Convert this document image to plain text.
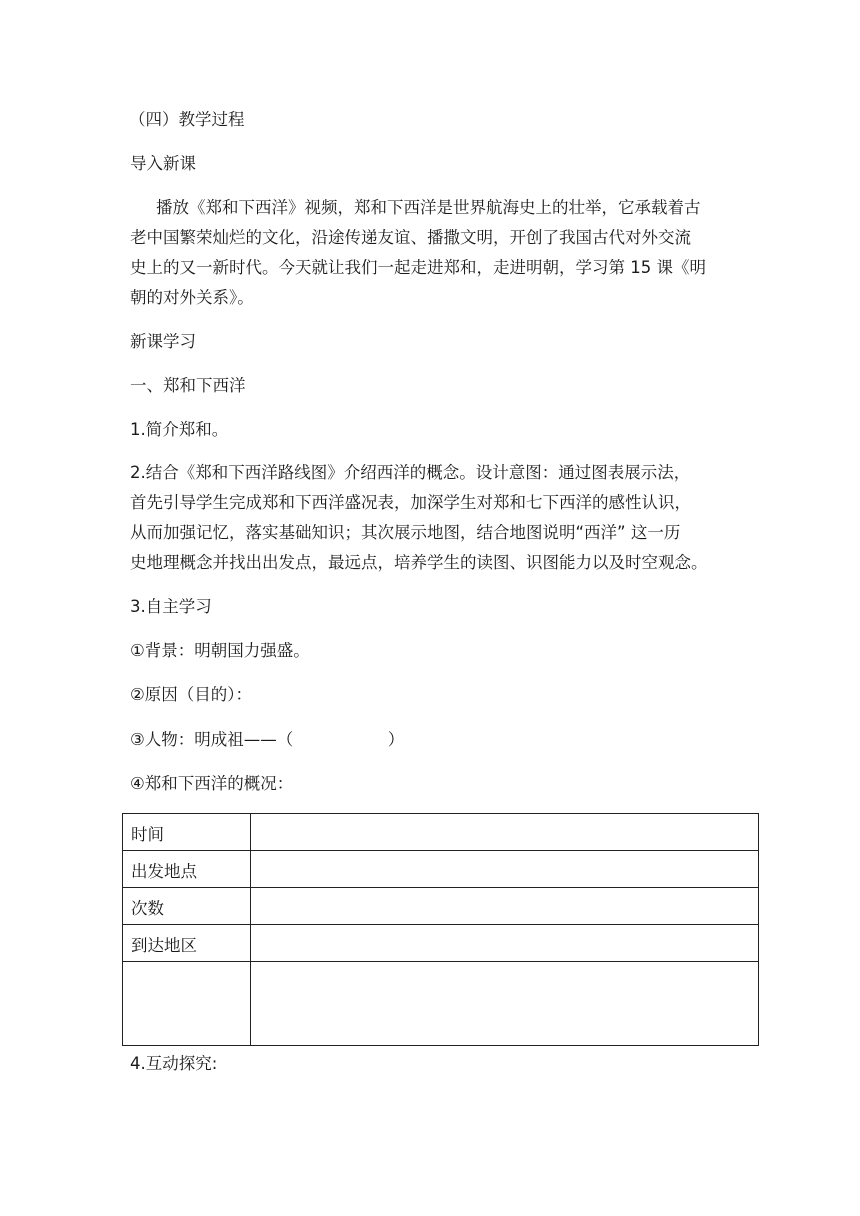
（四）教学过程
导入新课
播放《郑和下西洋》视频，郑和下西洋是世界航海史上的壮举，它承载着古
老中国繁荣灿烂的文化，沿途传递友谊、播撒文明，开创了我国古代对外交流
史上的又一新时代。今天就让我们一起走进郑和，走进明朝，学习第 15 课《明
朝的对外关系》。
新课学习
一、郑和下西洋
1.简介郑和。
2.结合《郑和下西洋路线图》介绍西洋的概念。设计意图：通过图表展示法，
首先引导学生完成郑和下西洋盛况表，加深学生对郑和七下西洋的感性认识，
从而加强记忆，落实基础知识；其次展示地图，结合地图说明“西洋” 这一历
史地理概念并找出出发点，最远点，培养学生的读图、识图能力以及时空观念。
3.自主学习
①背景：明朝国力强盛。
②原因（目的）：
③人物：明成祖——（                  ）
④郑和下西洋的概况：
时间	
出发地点	
次数	
到达地区	

4.互动探究:
